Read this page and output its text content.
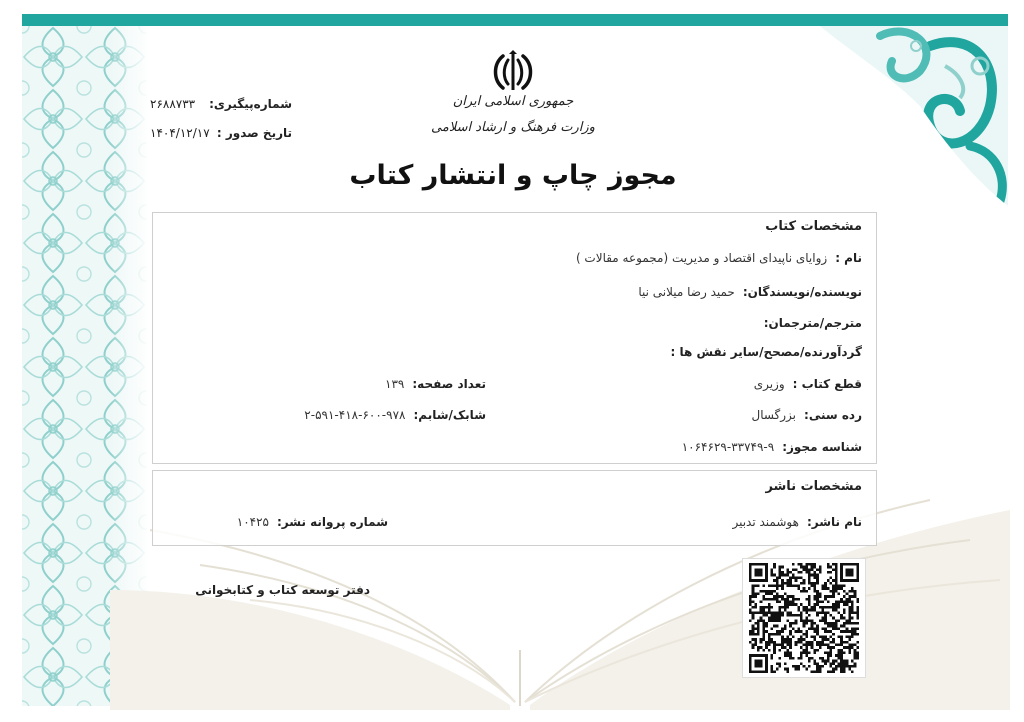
جمهوری اسلامی ایران
وزارت فرهنگ و ارشاد اسلامی
مجوز چاپ و انتشار کتاب
شماره‌پیگیری:
۲۶۸۸۷۳۳
تاریخ صدور :
۱۴۰۴/۱۲/۱۷
مشخصات کتاب
نام :زوایای ناپیدای اقتصاد و مدیریت (مجموعه مقالات )
نویسنده/نویسندگان:حمید رضا میلانی نیا
مترجم/مترجمان:
گردآورنده/مصحح/سایر نقش ها :
قطع کتاب :وزیری
تعداد صفحه:۱۳۹
رده سنی:بزرگسال
شابک/شابم:۹۷۸-۶۰۰-۴۱۸-۵۹۱-۲
شناسه مجوز:۹-۳۳۷۴۹-۱۰۶۴۶۲۹
مشخصات ناشر
نام ناشر:هوشمند تدبیر
شماره پروانه نشر:۱۰۴۲۵
دفتر توسعه کتاب و کتابخوانی
